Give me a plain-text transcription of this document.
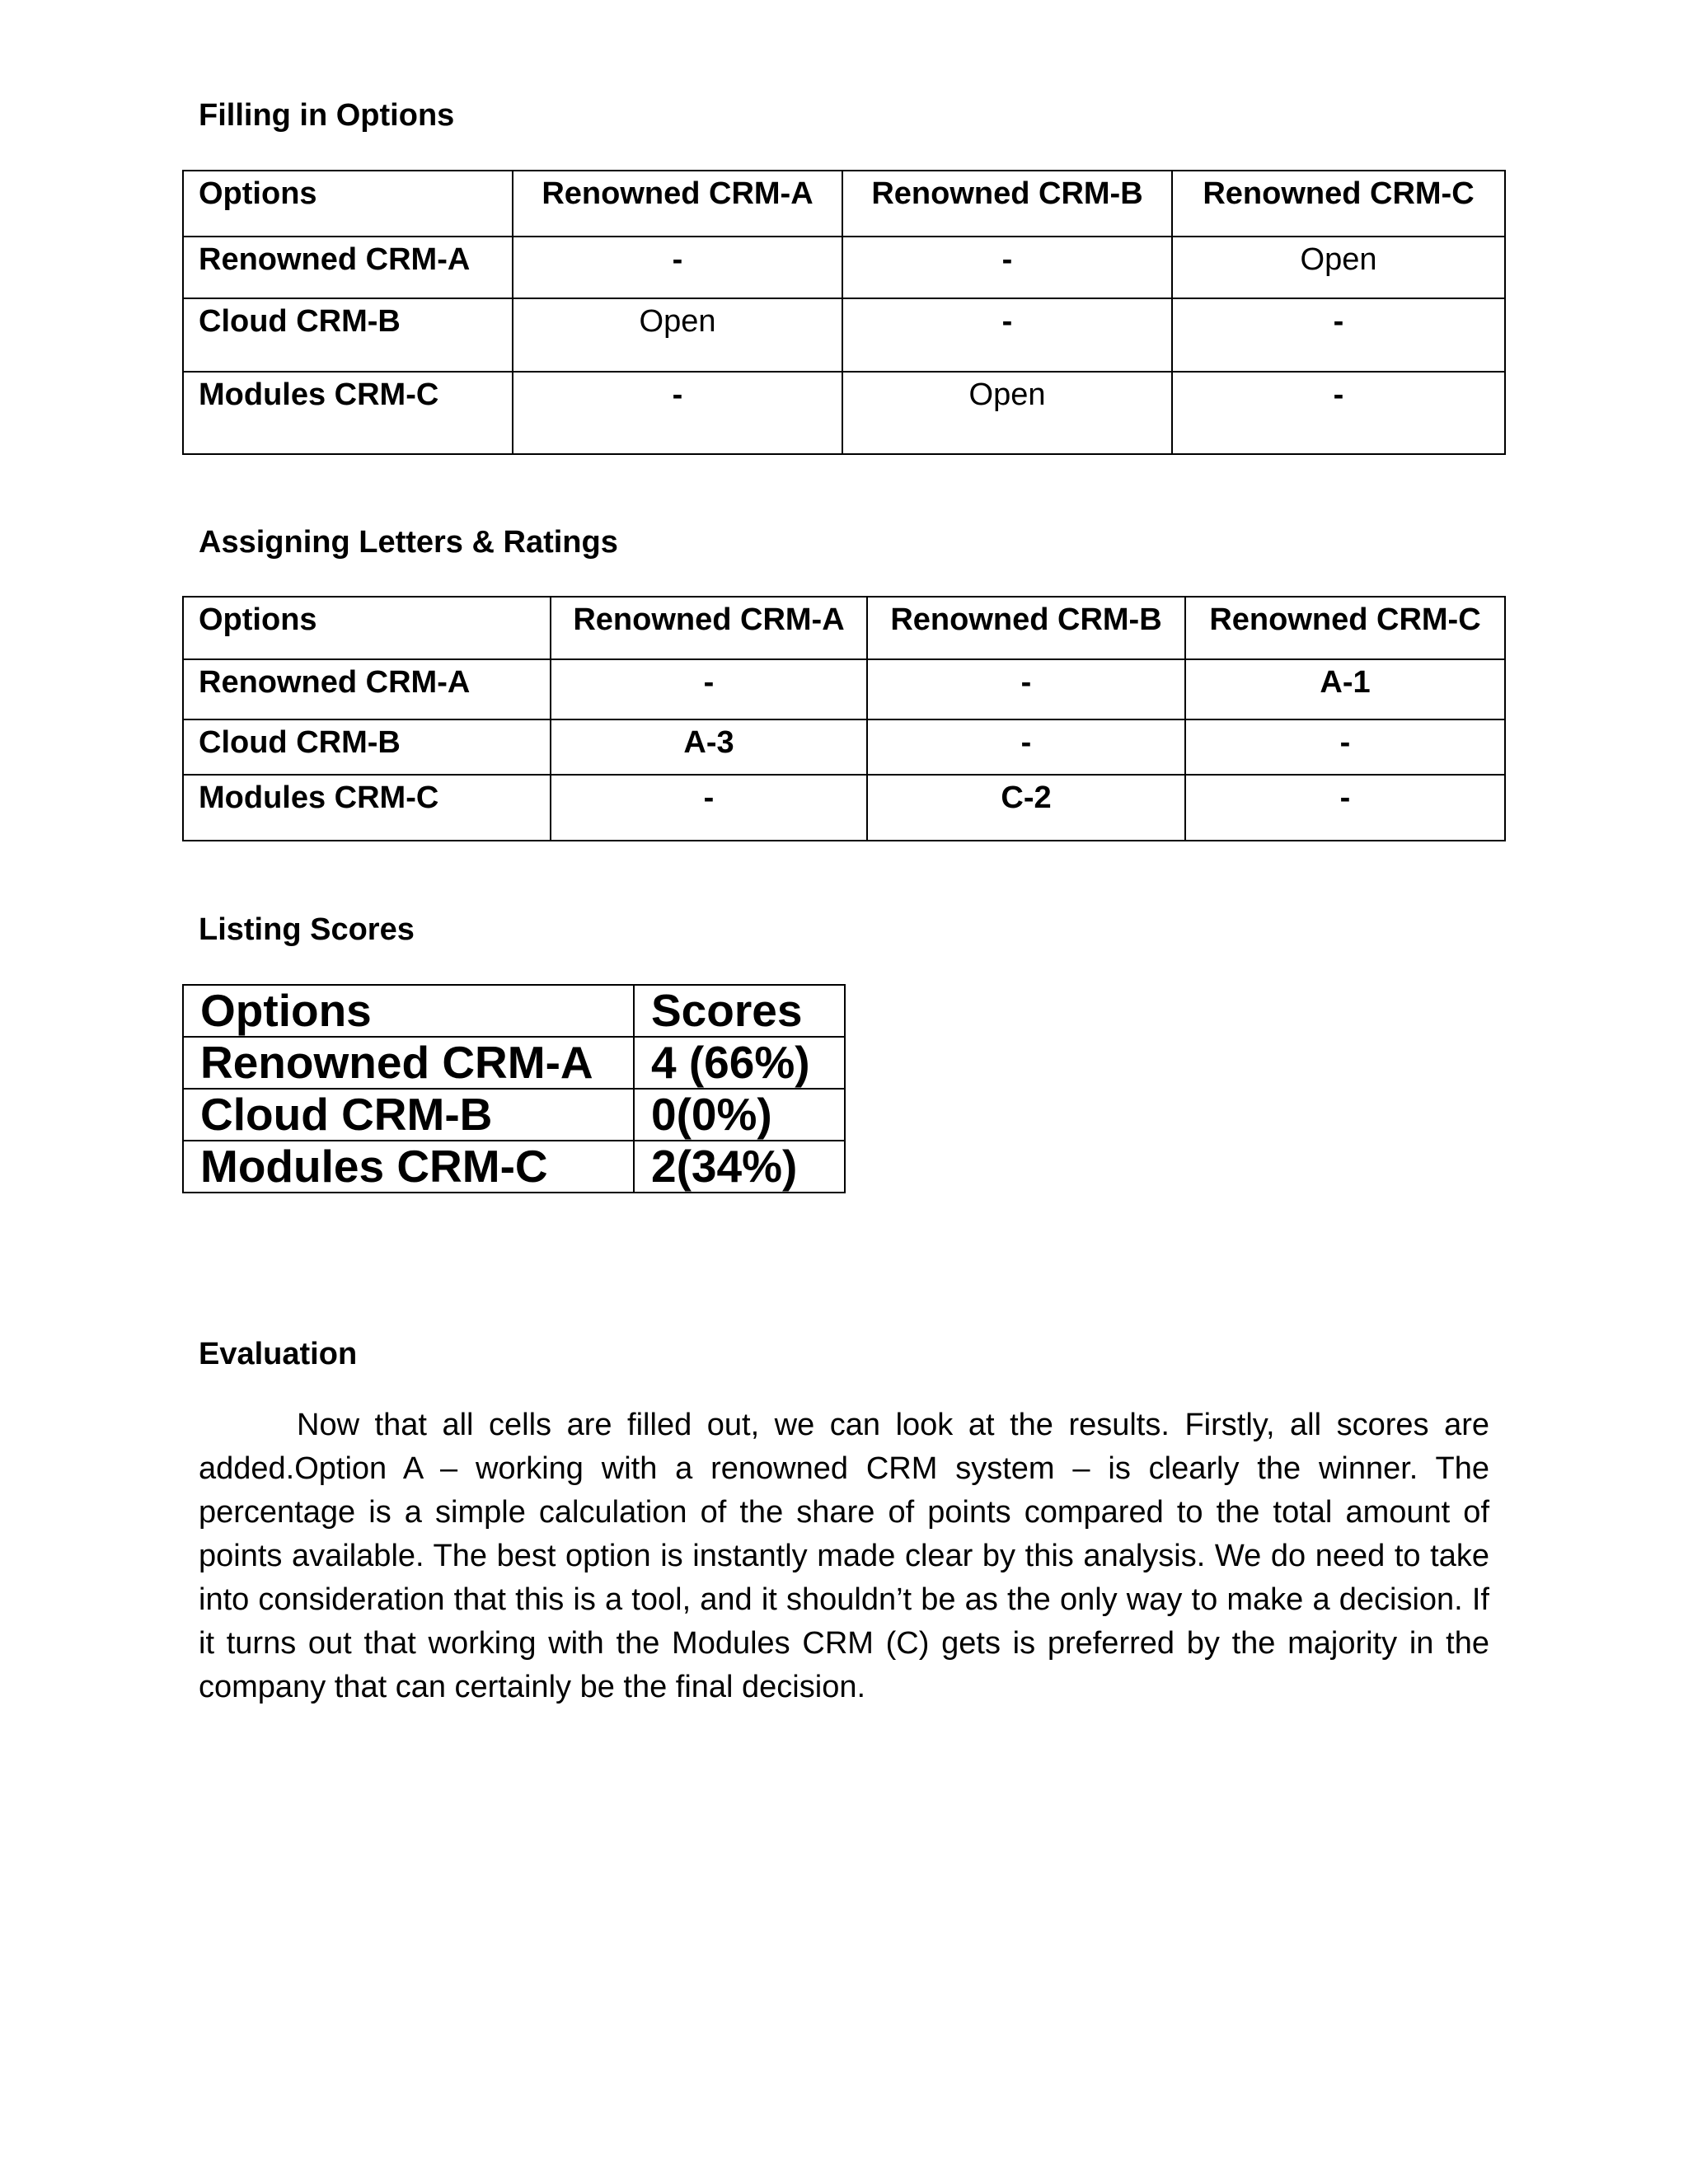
Filling in Options
Options	Renowned CRM-A	Renowned CRM-B	Renowned CRM-C
Renowned CRM-A	-	-	Open
Cloud CRM-B	Open	-	-
Modules CRM-C	-	Open	-
Assigning Letters & Ratings
Options	Renowned CRM-A	Renowned CRM-B	Renowned CRM-C
Renowned CRM-A	-	-	A-1
Cloud CRM-B	A-3	-	-
Modules CRM-C	-	C-2	-
Listing Scores
Options	Scores
Renowned CRM-A	4 (66%)
Cloud CRM-B	0(0%)
Modules CRM-C	2(34%)
Evaluation

Now that all cells are filled out, we can look at the results. Firstly, all scores are added.Option A – working with a renowned CRM system – is clearly the winner. The percentage is a simple calculation of the share of points compared to the total amount of points available. The best option is instantly made clear by this analysis. We do need to take into consideration that this is a tool, and it shouldn’t be as the only way to make a decision. If it turns out that working with the Modules CRM (C) gets is preferred by the majority in the company that can certainly be the final decision.
